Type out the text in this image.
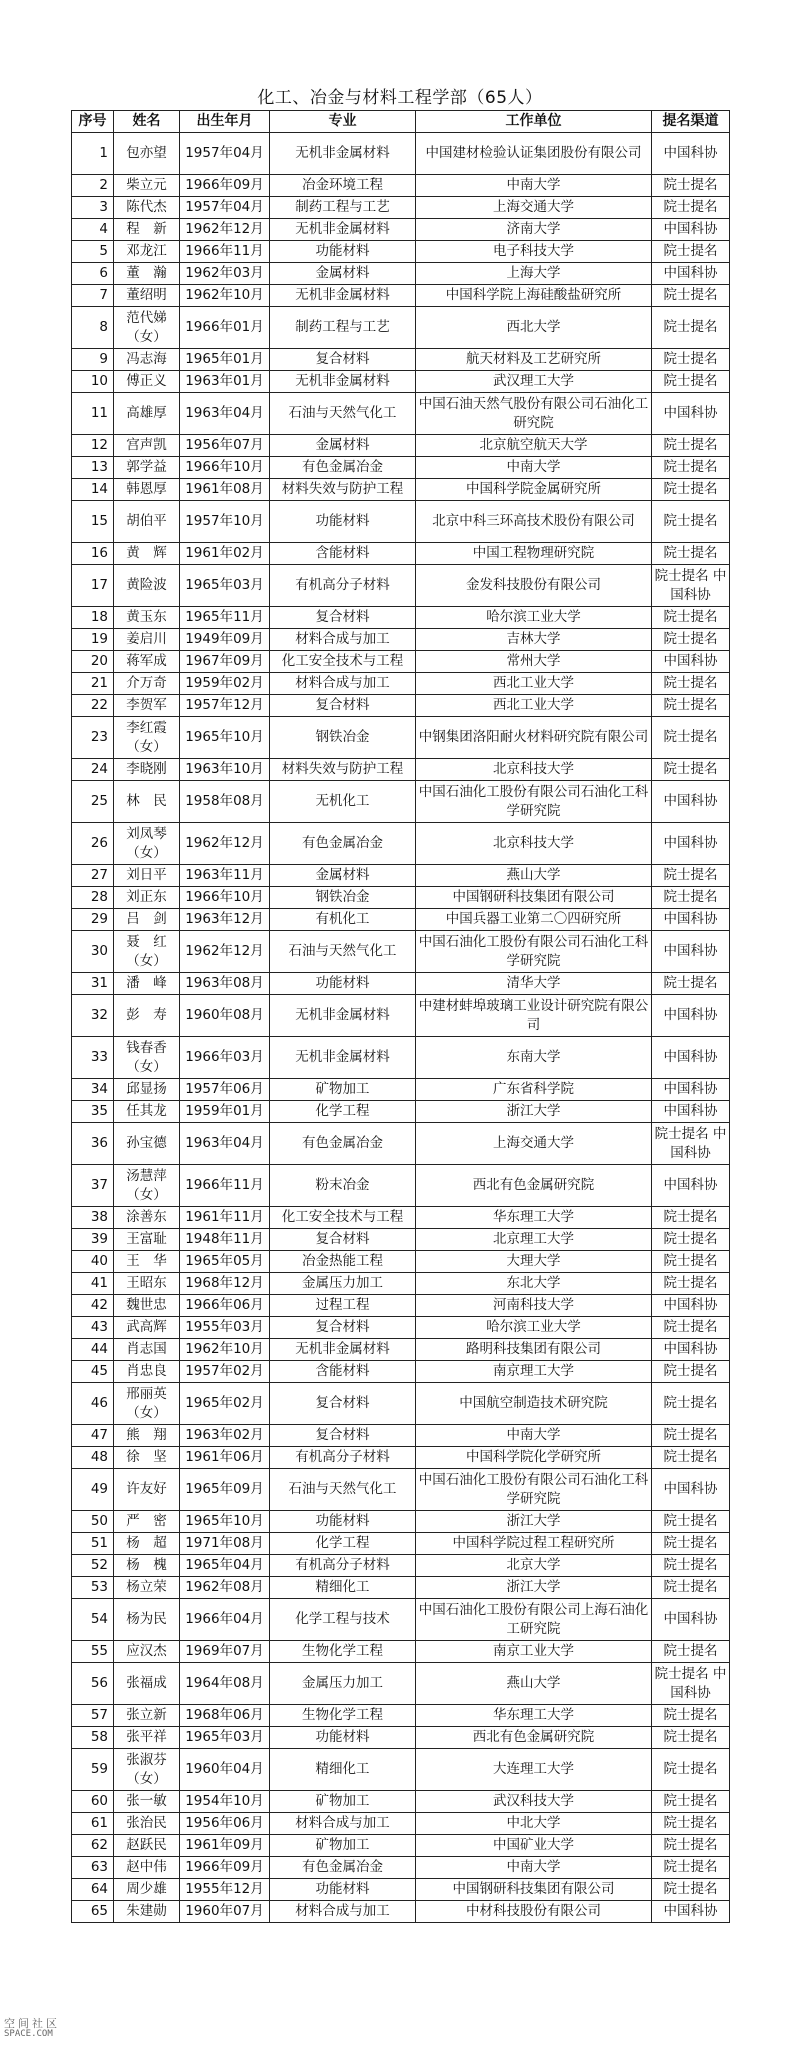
化工、冶金与材料工程学部（65人）
序号	姓名	出生年月	专业	工作单位	提名渠道
1	包亦望	1957年04月	无机非金属材料	中国建材检验认证集团股份有限公司	中国科协
2	柴立元	1966年09月	冶金环境工程	中南大学	院士提名
3	陈代杰	1957年04月	制药工程与工艺	上海交通大学	院士提名
4	程　新	1962年12月	无机非金属材料	济南大学	中国科协
5	邓龙江	1966年11月	功能材料	电子科技大学	院士提名
6	董　瀚	1962年03月	金属材料	上海大学	中国科协
7	董绍明	1962年10月	无机非金属材料	中国科学院上海硅酸盐研究所	院士提名
8	范代娣（女）	1966年01月	制药工程与工艺	西北大学	院士提名
9	冯志海	1965年01月	复合材料	航天材料及工艺研究所	院士提名
10	傅正义	1963年01月	无机非金属材料	武汉理工大学	院士提名
11	高雄厚	1963年04月	石油与天然气化工	中国石油天然气股份有限公司石油化工研究院	中国科协
12	宫声凯	1956年07月	金属材料	北京航空航天大学	院士提名
13	郭学益	1966年10月	有色金属冶金	中南大学	院士提名
14	韩恩厚	1961年08月	材料失效与防护工程	中国科学院金属研究所	院士提名
15	胡伯平	1957年10月	功能材料	北京中科三环高技术股份有限公司	院士提名
16	黄　辉	1961年02月	含能材料	中国工程物理研究院	院士提名
17	黄险波	1965年03月	有机高分子材料	金发科技股份有限公司	院士提名 中国科协
18	黄玉东	1965年11月	复合材料	哈尔滨工业大学	院士提名
19	姜启川	1949年09月	材料合成与加工	吉林大学	院士提名
20	蒋军成	1967年09月	化工安全技术与工程	常州大学	中国科协
21	介万奇	1959年02月	材料合成与加工	西北工业大学	院士提名
22	李贺军	1957年12月	复合材料	西北工业大学	院士提名
23	李红霞（女）	1965年10月	钢铁冶金	中钢集团洛阳耐火材料研究院有限公司	院士提名
24	李晓刚	1963年10月	材料失效与防护工程	北京科技大学	院士提名
25	林　民	1958年08月	无机化工	中国石油化工股份有限公司石油化工科学研究院	中国科协
26	刘凤琴（女）	1962年12月	有色金属冶金	北京科技大学	中国科协
27	刘日平	1963年11月	金属材料	燕山大学	院士提名
28	刘正东	1966年10月	钢铁冶金	中国钢研科技集团有限公司	院士提名
29	吕　剑	1963年12月	有机化工	中国兵器工业第二〇四研究所	中国科协
30	聂　红（女）	1962年12月	石油与天然气化工	中国石油化工股份有限公司石油化工科学研究院	中国科协
31	潘　峰	1963年08月	功能材料	清华大学	院士提名
32	彭　寿	1960年08月	无机非金属材料	中建材蚌埠玻璃工业设计研究院有限公司	中国科协
33	钱春香（女）	1966年03月	无机非金属材料	东南大学	中国科协
34	邱显扬	1957年06月	矿物加工	广东省科学院	中国科协
35	任其龙	1959年01月	化学工程	浙江大学	中国科协
36	孙宝德	1963年04月	有色金属冶金	上海交通大学	院士提名 中国科协
37	汤慧萍（女）	1966年11月	粉末冶金	西北有色金属研究院	中国科协
38	涂善东	1961年11月	化工安全技术与工程	华东理工大学	院士提名
39	王富耻	1948年11月	复合材料	北京理工大学	院士提名
40	王　华	1965年05月	冶金热能工程	大理大学	院士提名
41	王昭东	1968年12月	金属压力加工	东北大学	院士提名
42	魏世忠	1966年06月	过程工程	河南科技大学	中国科协
43	武高辉	1955年03月	复合材料	哈尔滨工业大学	院士提名
44	肖志国	1962年10月	无机非金属材料	路明科技集团有限公司	中国科协
45	肖忠良	1957年02月	含能材料	南京理工大学	院士提名
46	邢丽英（女）	1965年02月	复合材料	中国航空制造技术研究院	院士提名
47	熊　翔	1963年02月	复合材料	中南大学	院士提名
48	徐　坚	1961年06月	有机高分子材料	中国科学院化学研究所	院士提名
49	许友好	1965年09月	石油与天然气化工	中国石油化工股份有限公司石油化工科学研究院	中国科协
50	严　密	1965年10月	功能材料	浙江大学	院士提名
51	杨　超	1971年08月	化学工程	中国科学院过程工程研究所	院士提名
52	杨　槐	1965年04月	有机高分子材料	北京大学	院士提名
53	杨立荣	1962年08月	精细化工	浙江大学	院士提名
54	杨为民	1966年04月	化学工程与技术	中国石油化工股份有限公司上海石油化工研究院	中国科协
55	应汉杰	1969年07月	生物化学工程	南京工业大学	院士提名
56	张福成	1964年08月	金属压力加工	燕山大学	院士提名 中国科协
57	张立新	1968年06月	生物化学工程	华东理工大学	院士提名
58	张平祥	1965年03月	功能材料	西北有色金属研究院	院士提名
59	张淑芬（女）	1960年04月	精细化工	大连理工大学	院士提名
60	张一敏	1954年10月	矿物加工	武汉科技大学	院士提名
61	张治民	1956年06月	材料合成与加工	中北大学	院士提名
62	赵跃民	1961年09月	矿物加工	中国矿业大学	院士提名
63	赵中伟	1966年09月	有色金属冶金	中南大学	院士提名
64	周少雄	1955年12月	功能材料	中国钢研科技集团有限公司	院士提名
65	朱建勋	1960年07月	材料合成与加工	中材科技股份有限公司	中国科协
空间社区
SPACE.COM
